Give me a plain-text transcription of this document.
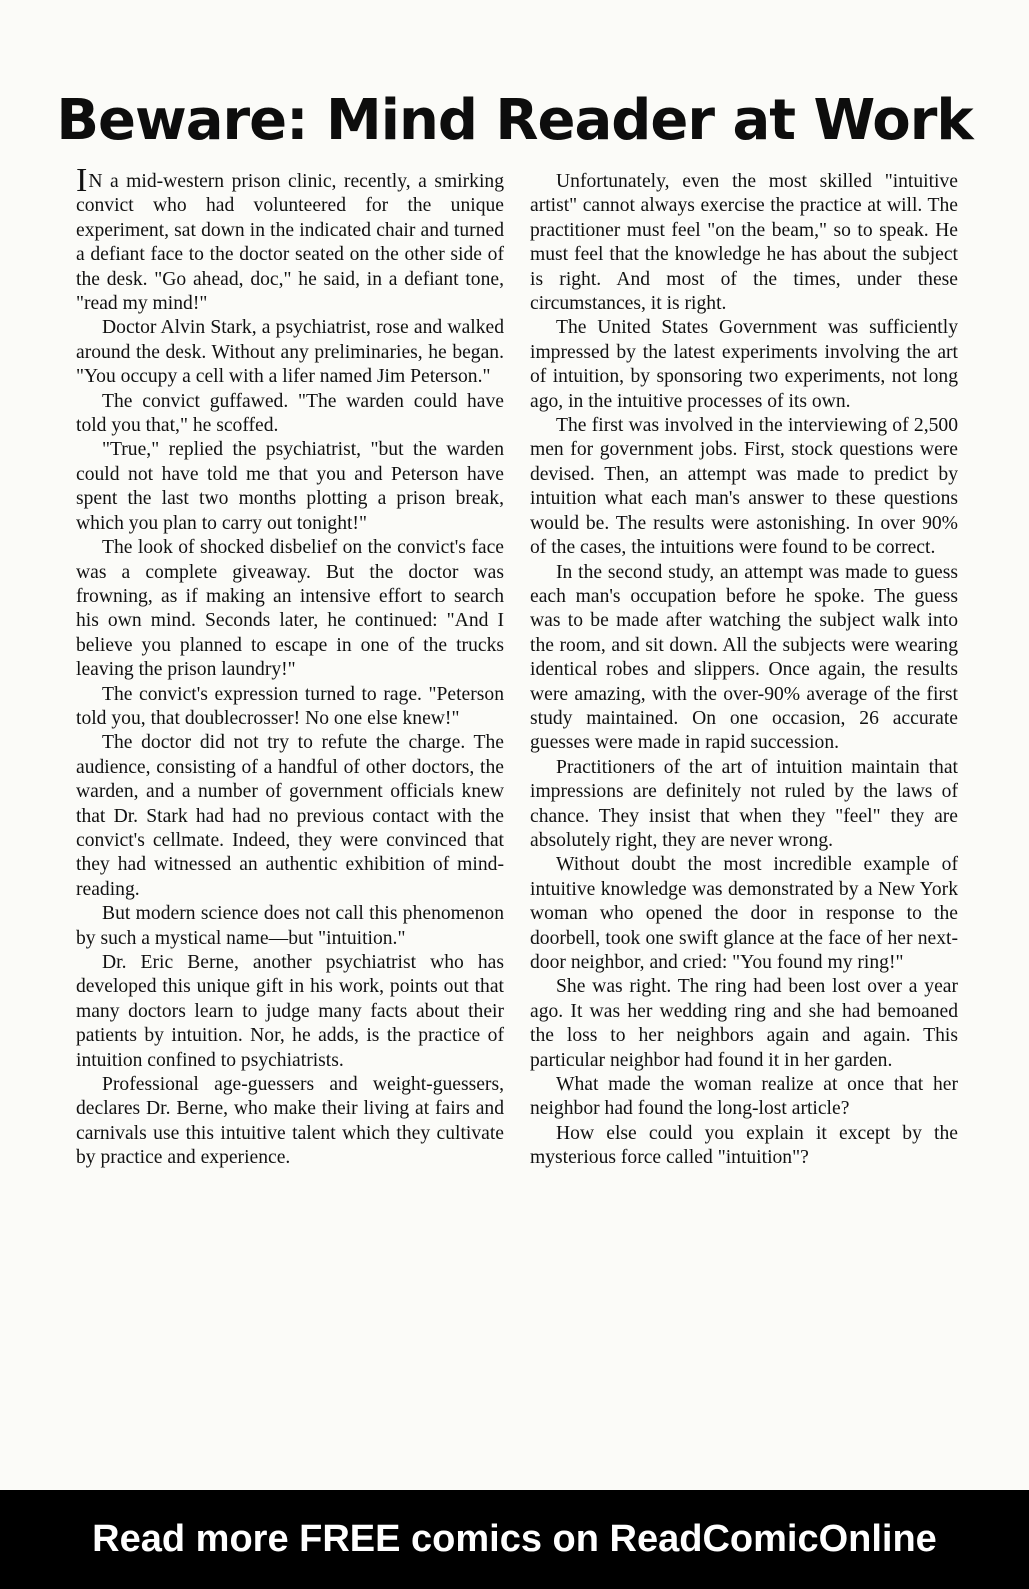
Beware: Mind Reader at Work

IN a mid-western prison clinic, recently, a smirking convict who had volunteered for the unique experiment, sat down in the indicated chair and turned a defiant face to the doctor seated on the other side of the desk. "Go ahead, doc," he said, in a defiant tone, "read my mind!"

Doctor Alvin Stark, a psychiatrist, rose and walked around the desk. Without any preliminaries, he began. "You occupy a cell with a lifer named Jim Peterson."

The convict guffawed. "The warden could have told you that," he scoffed.

"True," replied the psychiatrist, "but the warden could not have told me that you and Peterson have spent the last two months plotting a prison break, which you plan to carry out tonight!"

The look of shocked disbelief on the convict's face was a complete giveaway. But the doctor was frowning, as if making an intensive effort to search his own mind. Seconds later, he continued: "And I believe you planned to escape in one of the trucks leaving the prison laundry!"

The convict's expression turned to rage. "Peterson told you, that doublecrosser! No one else knew!"

The doctor did not try to refute the charge. The audience, consisting of a handful of other doctors, the warden, and a number of government officials knew that Dr. Stark had had no previous contact with the convict's cellmate. Indeed, they were convinced that they had witnessed an authentic exhibition of mind-reading.

But modern science does not call this phenomenon by such a mystical name—but "intuition."

Dr. Eric Berne, another psychiatrist who has developed this unique gift in his work, points out that many doctors learn to judge many facts about their patients by intuition. Nor, he adds, is the practice of intuition confined to psychiatrists.

Professional age-guessers and weight-guessers, declares Dr. Berne, who make their living at fairs and carnivals use this intuitive talent which they cultivate by practice and experience.

Unfortunately, even the most skilled "intuitive artist" cannot always exercise the practice at will. The practitioner must feel "on the beam," so to speak. He must feel that the knowledge he has about the subject is right. And most of the times, under these circumstances, it is right.

The United States Government was sufficiently impressed by the latest experiments involving the art of intuition, by sponsoring two experiments, not long ago, in the intuitive processes of its own.

The first was involved in the interviewing of 2,500 men for government jobs. First, stock questions were devised. Then, an attempt was made to predict by intuition what each man's answer to these questions would be. The results were astonishing. In over 90% of the cases, the intuitions were found to be correct.

In the second study, an attempt was made to guess each man's occupation before he spoke. The guess was to be made after watching the subject walk into the room, and sit down. All the subjects were wearing identical robes and slippers. Once again, the results were amazing, with the over-90% average of the first study maintained. On one occasion, 26 accurate guesses were made in rapid succession.

Practitioners of the art of intuition maintain that impressions are definitely not ruled by the laws of chance. They insist that when they "feel" they are absolutely right, they are never wrong.

Without doubt the most incredible example of intuitive knowledge was demonstrated by a New York woman who opened the door in response to the doorbell, took one swift glance at the face of her next-door neighbor, and cried: "You found my ring!"

She was right. The ring had been lost over a year ago. It was her wedding ring and she had bemoaned the loss to her neighbors again and again. This particular neighbor had found it in her garden.

What made the woman realize at once that her neighbor had found the long-lost article?

How else could you explain it except by the mysterious force called "intuition"?

Read more FREE comics on ReadComicOnline
